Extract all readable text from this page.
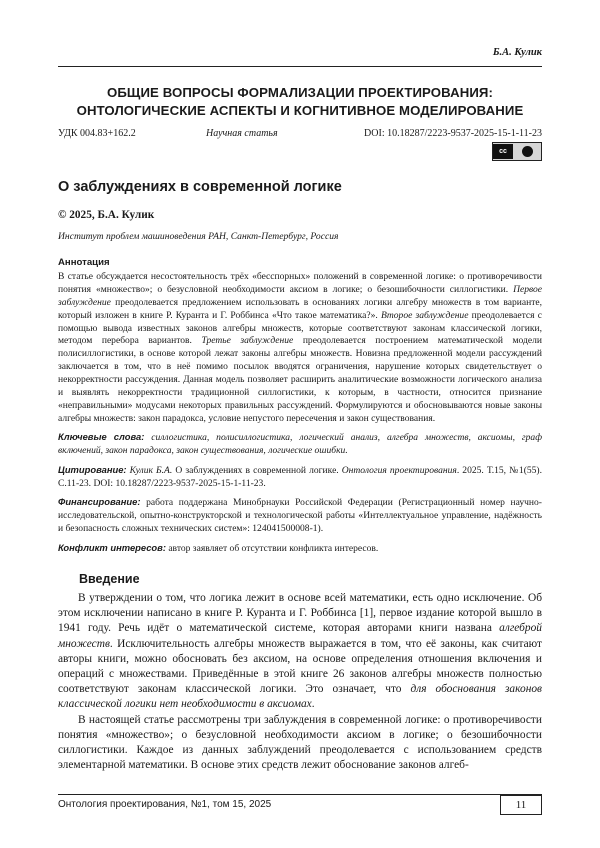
Б.А. Кулик
ОБЩИЕ ВОПРОСЫ ФОРМАЛИЗАЦИИ ПРОЕКТИРОВАНИЯ:
ОНТОЛОГИЧЕСКИЕ АСПЕКТЫ И КОГНИТИВНОЕ МОДЕЛИРОВАНИЕ
УДК 004.83+162.2	Научная статья	DOI: 10.18287/2223-9537-2025-15-1-11-23
cc
О заблуждениях в современной логике
© 2025, Б.А. Кулик
Институт проблем машиноведения РАН, Санкт-Петербург, Россия
Аннотация

В статье обсуждается несостоятельность трёх «бесспорных» положений в современной логике: о противоречивости понятия «множество»; о безусловной необходимости аксиом в логике; о безошибочности силлогистики. Первое заблуждение преодолевается предложением использовать в основаниях логики алгебру множеств в том варианте, который изложен в книге Р. Куранта и Г. Роббинса «Что такое математика?». Второе заблуждение преодолевается с помощью вывода известных законов алгебры множеств, которые соответствуют законам классической логики, методом перебора вариантов. Третье заблуждение преодолевается построением математической модели полисиллогистики, в основе которой лежат законы алгебры множеств. Новизна предложенной модели рассуждений заключается в том, что в неё помимо посылок вводятся ограничения, нарушение которых свидетельствует о некорректности рассуждения. Данная модель позволяет расширить аналитические возможности логического анализа и выявлять некорректности традиционной силлогистики, к которым, в частности, относится признание «неправильными» модусами некоторых правильных рассуждений. Формулируются и обосновываются новые законы алгебры множеств: закон парадокса, условие непустого пересечения и закон существования.

Ключевые слова: силлогистика, полисиллогистика, логический анализ, алгебра множеств, аксиомы, граф включений, закон парадокса, закон существования, логические ошибки.

Цитирование: Кулик Б.А. О заблуждениях в современной логике. Онтология проектирования. 2025. Т.15, №1(55). С.11-23. DOI: 10.18287/2223-9537-2025-15-1-11-23.

Финансирование: работа поддержана Минобрнауки Российской Федерации (Регистрационный номер научно-исследовательской, опытно-конструкторской и технологической работы «Интеллектуальное управление, надёжность и безопасность сложных технических систем»: 124041500008-1).

Конфликт интересов: автор заявляет об отсутствии конфликта интересов.

Введение

В утверждении о том, что логика лежит в основе всей математики, есть одно исключение. Об этом исключении написано в книге Р. Куранта и Г. Роббинса [1], первое издание которой вышло в 1941 году. Речь идёт о математической системе, которая авторами книги названа алгеброй множеств. Исключительность алгебры множеств выражается в том, что её законы, как считают авторы книги, можно обосновать без аксиом, на основе определения отношения включения и операций с множествами. Приведённые в этой книге 26 законов алгебры множеств полностью соответствуют законам классической логики. Это означает, что для обоснования законов классической логики нет необходимости в аксиомах.

В настоящей статье рассмотрены три заблуждения в современной логике: о противоречивости понятия «множество»; о безусловной необходимости аксиом в логике; о безошибочности силлогистики. Каждое из данных заблуждений преодолевается с использованием средств элементарной математики. В основе этих средств лежит обоснование законов алгеб-

Онтология проектирования, №1, том 15, 2025	11
